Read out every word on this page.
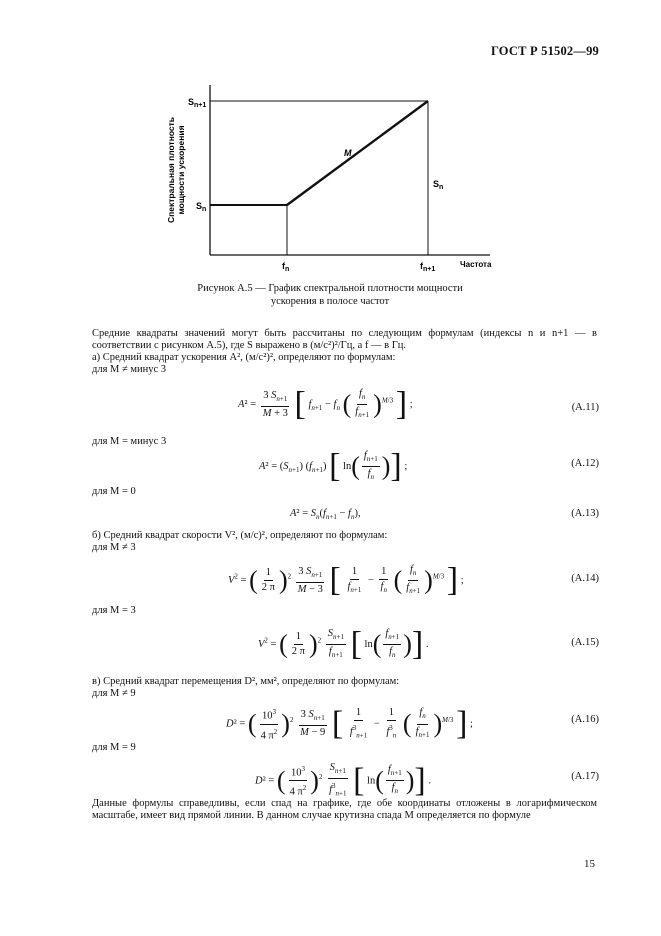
ГОСТ Р 51502—99
Спектральная плотность мощности ускорения
$S_{n+1}$
$S_n$
$f_n$	$f_{n+1}$
Частота
M
$S_n$
Рисунок А.5 — График спектральной плотности мощности
ускорения в полосе частот
Средние квадраты значений могут быть рассчитаны по следующим формулам (индексы n и n+1 — в соответствии с рисунком А.5), где S выражено в (м/с²)²/Гц, а f — в Гц.
а) Средний квадрат ускорения A², (м/с²)², определяют по формулам:
для M ≠ минус 3
$A^2 = \frac{3 S_{n+1}}{M + 3}$ [ $f_{n+1} - f_n$ ( $\frac{f_n}{f_{n+1}} )^{M/3}$ ] ;	(А.11)
для M = минус 3
$A^2 = (S_{n+1})$ $(f_{n+1})$ [ $\ln( \frac{f_{n+1}}{f_n}$ )] ;	(А.12)
для M = 0
$A^2 = S_n(f_{n+1} - f_n)$,	(А.13)
б) Средний квадрат скорости V², (м/с)², определяют по формулам:
для M ≠ 3
$V^2$ = ( $\frac{1}{2 \pi} )^2 \frac{3 S_{n+1}}{M - 3}$ [ $\frac{1}{f_{n+1}} - \frac{1}{f_n}$ ( $\frac{f_n}{f_{n+1}} )^{M/3}$ ] ;	(А.14)
для M = 3
$V^2$ = ( $\frac{1}{2 \pi} )^2 \frac{S_{n+1}}{f_{n+1}}$ [ $\ln( \frac{f_{n+1}}{f_n}$ )] .	(А.15)
в) Средний квадрат перемещения D², мм², определяют по формулам:
для M ≠ 9
D² = ( $\frac{10^3}{4 \pi^2} )^2 \frac{3 S_{n+1}}{M - 9}$ [ $\frac{1}{f^3_{n+1}} - \frac{1}{f^3_n}$ ( $\frac{f_n}{f_{n+1}} )^{M/3}$ ] ;	(А.16)
для M = 9
D² = ( $\frac{10^3}{4 \pi^2} )^2 \frac{S_{n+1}}{f^3_{n+1}}$ [ $\ln( \frac{f_{n+1}}{f_n}$ )] .	(А.17)
Данные формулы справедливы, если спад на графике, где обе координаты отложены в логарифмическом масштабе, имеет вид прямой линии. В данном случае крутизна спада M определяется по формуле
15
